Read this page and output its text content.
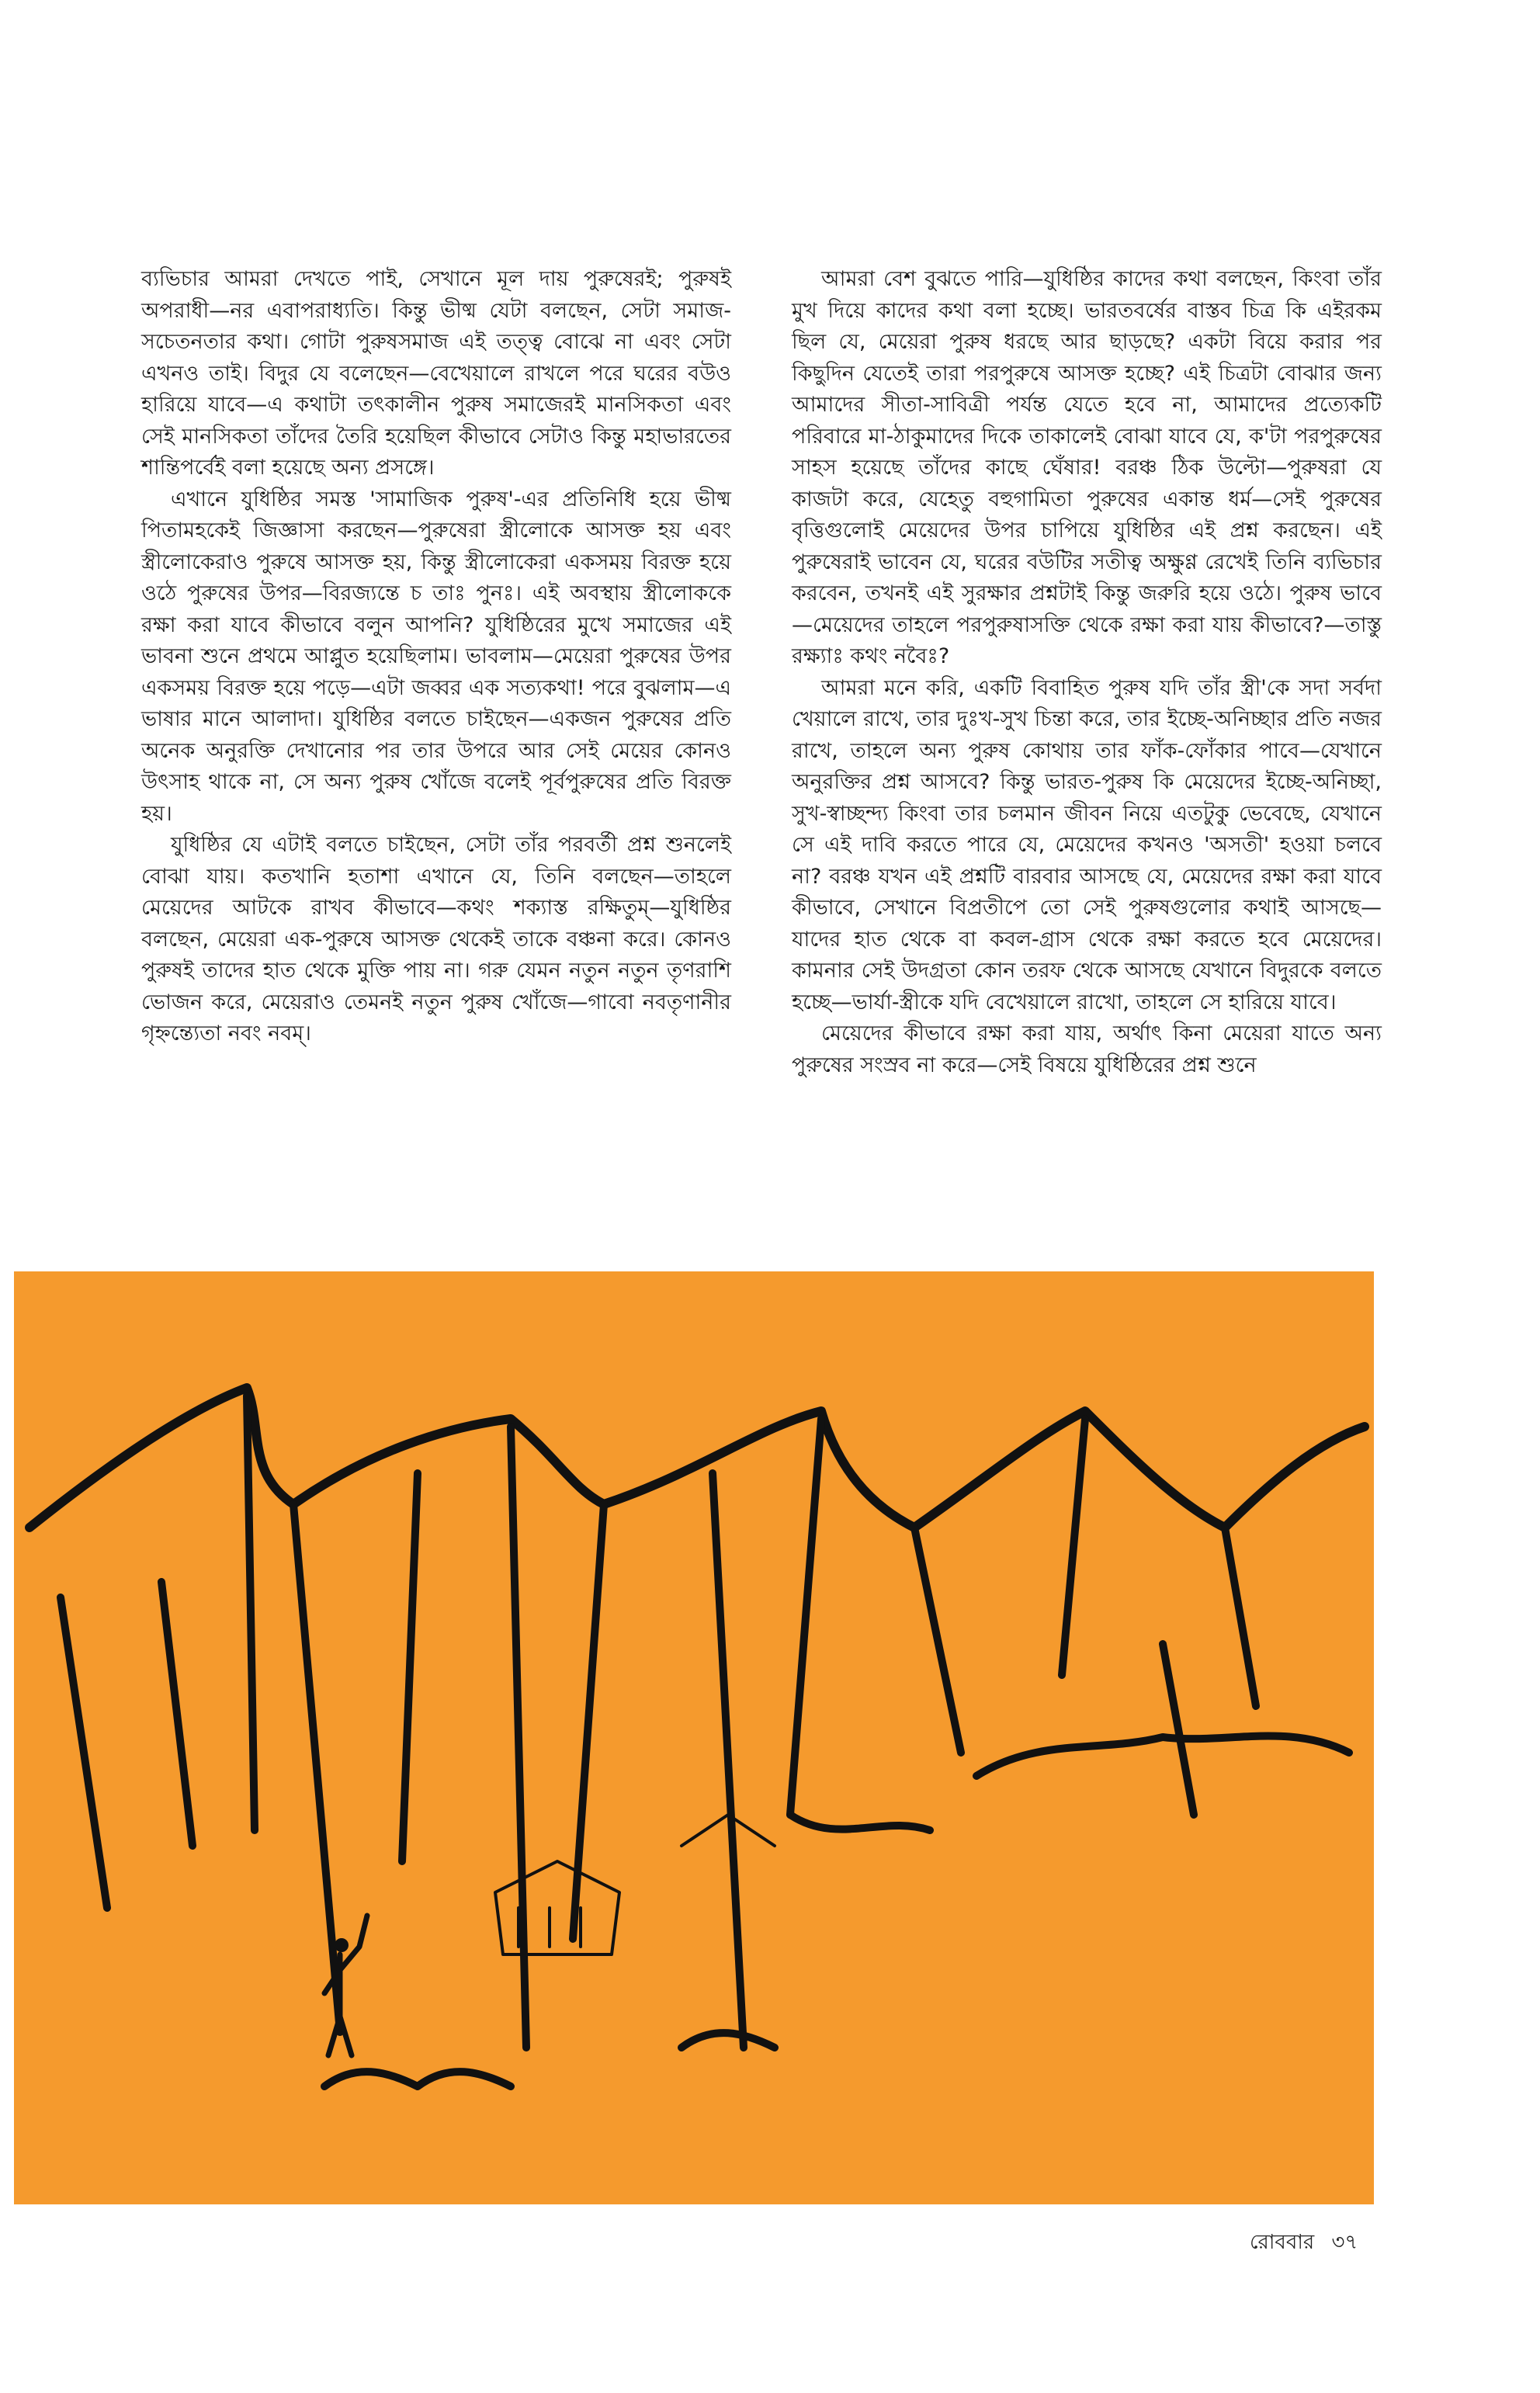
ব্যভিচার আমরা দেখতে পাই, সেখানে মূল দায় পুরুষেরই; পুরুষই অপরাধী—নর এবাপরাধ্যতি। কিন্তু ভীষ্ম যেটা বলছেন, সেটা সমাজ-সচেতনতার কথা। গোটা পুরুষসমাজ এই তত্ত্ব বোঝে না এবং সেটা এখনও তাই। বিদুর যে বলেছেন—বেখেয়ালে রাখলে পরে ঘরের বউও হারিয়ে যাবে—এ কথাটা তৎকালীন পুরুষ সমাজেরই মানসিকতা এবং সেই মানসিকতা তাঁদের তৈরি হয়েছিল কীভাবে সেটাও কিন্তু মহাভারতের শান্তিপর্বেই বলা হয়েছে অন্য প্রসঙ্গে।

এখানে যুধিষ্ঠির সমস্ত 'সামাজিক পুরুষ'-এর প্রতিনিধি হয়ে ভীষ্ম পিতামহকেই জিজ্ঞাসা করছেন—পুরুষেরা স্ত্রীলোকে আসক্ত হয় এবং স্ত্রীলোকেরাও পুরুষে আসক্ত হয়, কিন্তু স্ত্রীলোকেরা একসময় বিরক্ত হয়ে ওঠে পুরুষের উপর—বিরজ্যন্তে চ তাঃ পুনঃ। এই অবস্থায় স্ত্রীলোককে রক্ষা করা যাবে কীভাবে বলুন আপনি? যুধিষ্ঠিরের মুখে সমাজের এই ভাবনা শুনে প্রথমে আপ্লুত হয়েছিলাম। ভাবলাম—মেয়েরা পুরুষের উপর একসময় বিরক্ত হয়ে পড়ে—এটা জব্বর এক সত্যকথা! পরে বুঝলাম—এ ভাষার মানে আলাদা। যুধিষ্ঠির বলতে চাইছেন—একজন পুরুষের প্রতি অনেক অনুরক্তি দেখানোর পর তার উপরে আর সেই মেয়ের কোনও উৎসাহ থাকে না, সে অন্য পুরুষ খোঁজে বলেই পূর্বপুরুষের প্রতি বিরক্ত হয়।

যুধিষ্ঠির যে এটাই বলতে চাইছেন, সেটা তাঁর পরবর্তী প্রশ্ন শুনলেই বোঝা যায়। কতখানি হতাশা এখানে যে, তিনি বলছেন—তাহলে মেয়েদের আটকে রাখব কীভাবে—কথং শক্যাস্ত রক্ষিতুম্—যুধিষ্ঠির বলছেন, মেয়েরা এক-পুরুষে আসক্ত থেকেই তাকে বঞ্চনা করে। কোনও পুরুষই তাদের হাত থেকে মুক্তি পায় না। গরু যেমন নতুন নতুন তৃণরাশি ভোজন করে, মেয়েরাও তেমনই নতুন পুরুষ খোঁজে—গাবো নবতৃণানীর গৃহ্নন্ত্যেতা নবং নবম্।

আমরা বেশ বুঝতে পারি—যুধিষ্ঠির কাদের কথা বলছেন, কিংবা তাঁর মুখ দিয়ে কাদের কথা বলা হচ্ছে। ভারতবর্ষের বাস্তব চিত্র কি এইরকম ছিল যে, মেয়েরা পুরুষ ধরছে আর ছাড়ছে? একটা বিয়ে করার পর কিছুদিন যেতেই তারা পরপুরুষে আসক্ত হচ্ছে? এই চিত্রটা বোঝার জন্য আমাদের সীতা-সাবিত্রী পর্যন্ত যেতে হবে না, আমাদের প্রত্যেকটি পরিবারে মা-ঠাকুমাদের দিকে তাকালেই বোঝা যাবে যে, ক'টা পরপুরুষের সাহস হয়েছে তাঁদের কাছে ঘেঁষার! বরঞ্চ ঠিক উল্টো—পুরুষরা যে কাজটা করে, যেহেতু বহুগামিতা পুরুষের একান্ত ধর্ম—সেই পুরুষের বৃত্তিগুলোই মেয়েদের উপর চাপিয়ে যুধিষ্ঠির এই প্রশ্ন করছেন। এই পুরুষেরাই ভাবেন যে, ঘরের বউটির সতীত্ব অক্ষুণ্ণ রেখেই তিনি ব্যভিচার করবেন, তখনই এই সুরক্ষার প্রশ্নটাই কিন্তু জরুরি হয়ে ওঠে। পুরুষ ভাবে—মেয়েদের তাহলে পরপুরুষাসক্তি থেকে রক্ষা করা যায় কীভাবে?—তাস্তু রক্ষ্যাঃ কথং নবৈঃ?

আমরা মনে করি, একটি বিবাহিত পুরুষ যদি তাঁর স্ত্রী'কে সদা সর্বদা খেয়ালে রাখে, তার দুঃখ-সুখ চিন্তা করে, তার ইচ্ছে-অনিচ্ছার প্রতি নজর রাখে, তাহলে অন্য পুরুষ কোথায় তার ফাঁক-ফোঁকার পাবে—যেখানে অনুরক্তির প্রশ্ন আসবে? কিন্তু ভারত-পুরুষ কি মেয়েদের ইচ্ছে-অনিচ্ছা, সুখ-স্বাচ্ছন্দ্য কিংবা তার চলমান জীবন নিয়ে এতটুকু ভেবেছে, যেখানে সে এই দাবি করতে পারে যে, মেয়েদের কখনও 'অসতী' হওয়া চলবে না? বরঞ্চ যখন এই প্রশ্নটি বারবার আসছে যে, মেয়েদের রক্ষা করা যাবে কীভাবে, সেখানে বিপ্রতীপে তো সেই পুরুষগুলোর কথাই আসছে—যাদের হাত থেকে বা কবল-গ্রাস থেকে রক্ষা করতে হবে মেয়েদের। কামনার সেই উদগ্রতা কোন তরফ থেকে আসছে যেখানে বিদুরকে বলতে হচ্ছে—ভার্যা-স্ত্রীকে যদি বেখেয়ালে রাখো, তাহলে সে হারিয়ে যাবে।

মেয়েদের কীভাবে রক্ষা করা যায়, অর্থাৎ কিনা মেয়েরা যাতে অন্য পুরুষের সংস্রব না করে—সেই বিষয়ে যুধিষ্ঠিরের প্রশ্ন শুনে

রোববার ৩৭
